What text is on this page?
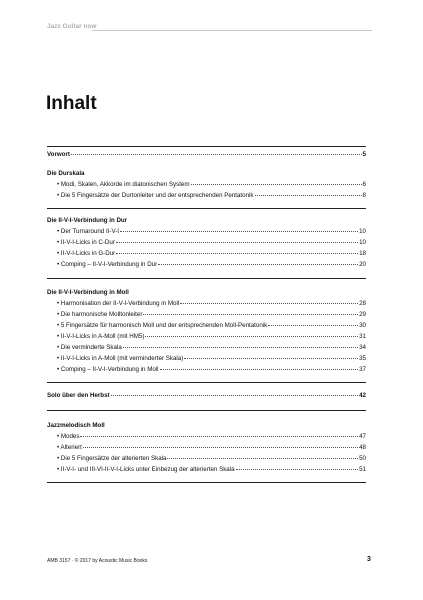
Jazz Guitar now
Inhalt
Vorwort	5
Die Durskala
• Modi, Skalen, Akkorde im diatonischen System	6
• Die 5 Fingersätze der Durtonleiter und der entsprechenden Pentatonik	8
Die II-V-I-Verbindung in Dur
• Der Turnaround II-V-I	10
• II-V-I-Licks in C-Dur	10
• II-V-I-Licks in G-Dur	18
• Comping – II-V-I-Verbindung in Dur	20
Die II-V-I-Verbindung in Moll
• Harmonisation der II-V-I-Verbindung in Moll	28
• Die harmonische Molltonleiter	29
• 5 Fingersätze für harmonisch Moll und der entsprechenden Moll-Pentatonik	30
• II-V-I-Licks in A-Moll (mit HM5)	31
• Die verminderte Skala	34
• II-V-I-Licks in A-Moll (mit verminderter Skala)	35
• Comping – II-V-I-Verbindung in Moll	37
Solo über den Herbst	42
Jazzmelodisch Moll
• Modes	47
• Alteriert	48
• Die 5 Fingersätze der alterierten Skala	50
• II-V-I- und III-VI-II-V-I-Licks unter Einbezug der alterierten Skala	51
AMB 3157 · © 2017 by Acoustic Music Books	3
